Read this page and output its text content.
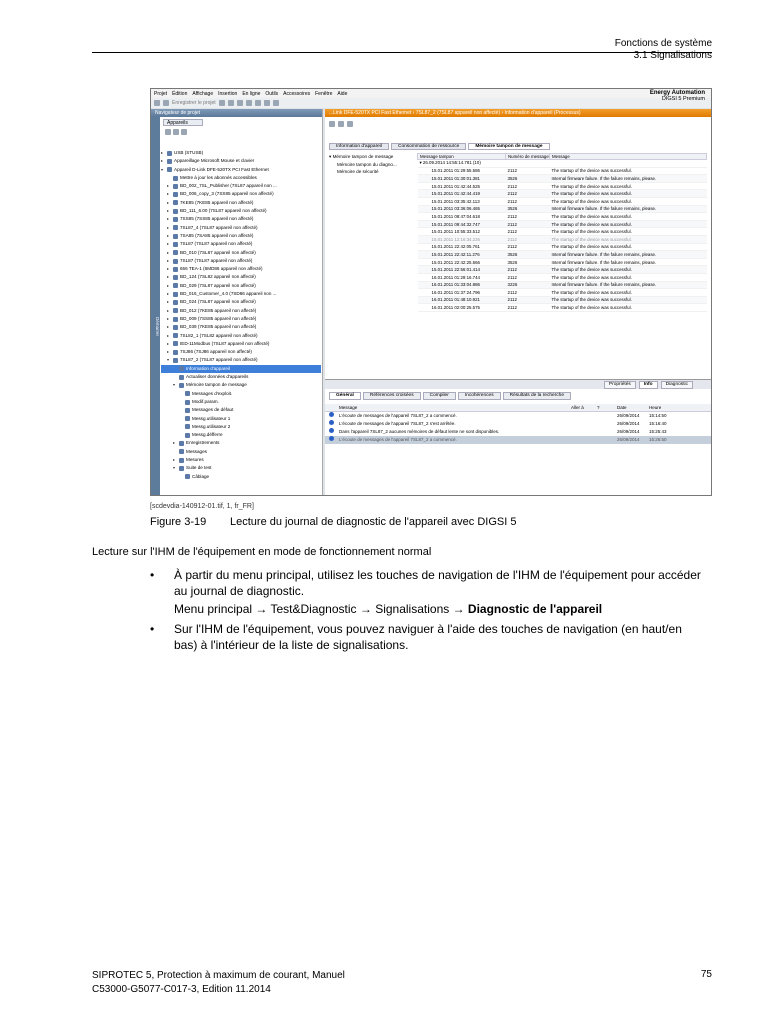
Fonctions de système
3.1 Signalisations
Projet Édition Affichage Insertion En ligne Outils Accessoires Fenêtre Aide
Enregistrer le projet
Energy Automation
DIGSI 5 Premium
Navigateur de projet
Démarrer
Appareils
▸	USB (STUSB)
▸	Appareillage Microsoft Mouse et clavier
▾	Appareil D-Link DFE-520TX PCI Fast Ethernet
Mettre à jour les abonnés accessibles
▸	BD_002_7SL_Publisher (7SL87 appareil non ...
▸	BD_006_copy_3 (7SS85 appareil non affecté)
▸	7KE85 (7KE85 appareil non affecté)
▸	BD_111_6.00 (7SL87 appareil non affecté)
▸	7SS85 (7SS85 appareil non affecté)
▸	7SL87_4 (7SL87 appareil non affecté)
▸	7SA85 (7SA85 appareil non affecté)
▸	7SL87 (7SL87 appareil non affecté)
▸	BD_010 (7SL87 appareil non affecté)
▸	7SL87 (7SL87 appareil non affecté)
▸	656 TEA-1 (6MD86 appareil non affecté)
▸	BD_124 (7SL82 appareil non affecté)
▸	BD_029 (7SL87 appareil non affecté)
▸	BD_016_Customer_4.0 (7SD86 appareil non ...
▸	BD_024 (7SL87 appareil non affecté)
▸	BD_012 (7KE85 appareil non affecté)
▸	BD_009 (7SS85 appareil non affecté)
▸	BD_039 (7KE85 appareil non affecté)
▸	7SL82_1 (7SL82 appareil non affecté)
▸	IED-11Modbus (7SL87 appareil non affecté)
▸	7SJ86 (7SJ86 appareil non affecté)
▾	7SL87_2 (7SL87 appareil non affecté)
Information d'appareil
Actualiser données d'appareils
▾	Mémoire tampon de message
Messages d'exploit.
Modif.param.
Messages de défaut
Messg.utilisateur 1
Messg.utilisateur 2
Messg.défferre
▸	Enregistrements
Messages
▸	Mesures
▾	Suite de test
Câblage
...Link DFE-520TX PCI Fast Ethernet › 7SL87_2 (7SL87 appareil non affecté) › Information d'appareil (Processus)
Information d'appareil	Consommation de ressource	Mémoire tampon de message
▾ Mémoire tampon de message
Mémoire tampon du diagno...
Mémoire de sécurité
Message tampon	Numéro de message	Message
▾ 26.09.2014 14:55:14.781 (10)		
15.01.2011 01:29:55.586	2112	The startup of the device was successful.
15.01.2011 01:30:01.381	3526	Internal firmware failure. If the failure remains, please.
15.01.2011 01:42:44.525	2112	The startup of the device was successful.
15.01.2011 01:42:44.419	2112	The startup of the device was successful.
15.01.2011 03:35:42.113	2112	The startup of the device was successful.
15.01.2011 03:36:06.465	3526	Internal firmware failure. If the failure remains, please.
15.01.2011 08:47:04.618	2112	The startup of the device was successful.
15.01.2011 09:44:32.747	2112	The startup of the device was successful.
15.01.2011 10:55:33.512	2112	The startup of the device was successful.
15.01.2011 12:16:34.226	2112	The startup of the device was successful.
15.01.2011 22:42:05.761	2112	The startup of the device was successful.
15.01.2011 22:42:11.276	3526	Internal firmware failure. If the failure remains, please.
15.01.2011 22:42:25.566	3526	Internal firmware failure. If the failure remains, please.
15.01.2011 22:56:01.414	2112	The startup of the device was successful.
16.01.2011 01:29:16.744	2112	The startup of the device was successful.
16.01.2011 01:33:04.886	3226	Internal firmware failure. If the failure remains, please.
16.01.2011 01:37:24.796	2112	The startup of the device was successful.
16.01.2011 01:48:10.921	2112	The startup of the device was successful.
16.01.2011 02:00:25.575	2112	The startup of the device was successful.
Propriétés	Info	Diagnostic
Général	Références croisées	Compiler	Incohérences	Résultats de la recherche
Message	Aller à	?	Date	Heure
L'écoute de messages de l'appareil 7SL87_2 a commencé.	26/09/2014	15:14:50
L'écoute de messages de l'appareil 7SL87_2 s'est arrêtée.	26/09/2014	15:16:40
Dans l'appareil 7SL87_2 aucunes mémoires de défaut lente ne sont disponibles.	26/09/2014	15:25:43
L'écoute de messages de l'appareil 7SL87_2 a commencé.	26/09/2014	15:26:50
[scdevdia-140912-01.tif, 1, fr_FR]
Figure 3-19 Lecture du journal de diagnostic de l'appareil avec DIGSI 5
Lecture sur l'IHM de l'équipement en mode de fonctionnement normal
• À partir du menu principal, utilisez les touches de navigation de l'IHM de l'équipement pour accéder au journal de diagnostic.
Menu principal → Test&Diagnostic → Signalisations → Diagnostic de l'appareil
• Sur l'IHM de l'équipement, vous pouvez naviguer à l'aide des touches de navigation (en haut/en bas) à l'intérieur de la liste de signalisations.
SIPROTEC 5, Protection à maximum de courant, Manuel
C53000-G5077-C017-3, Edition 11.2014
75
